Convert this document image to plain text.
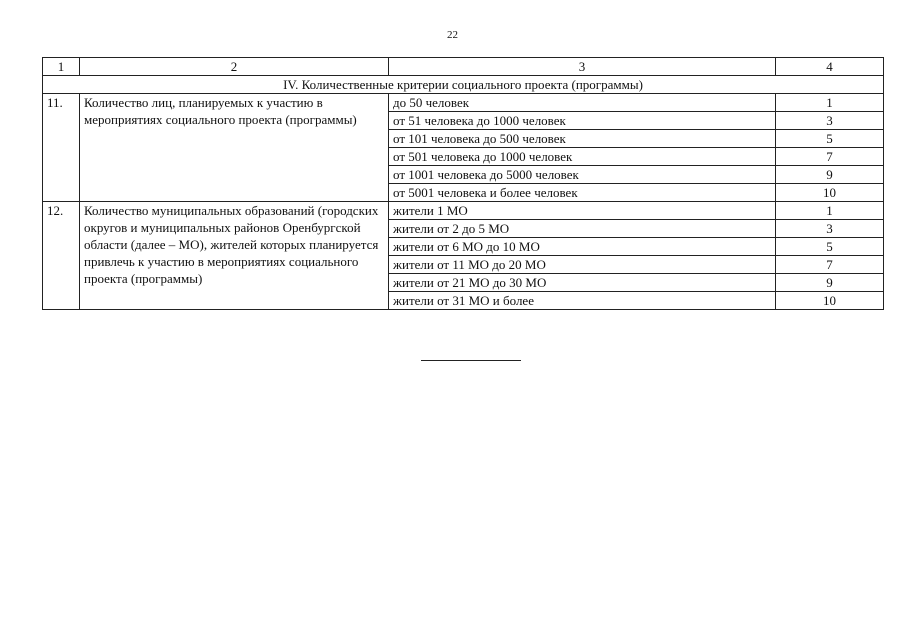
22
1	2	3	4
IV. Количественные критерии социального проекта (программы)			
11.	Количество лиц, планируемых к участию в мероприятиях социального проекта (программы)	до 50 человек	1
		от 51 человека до 1000 человек	3
		от 101 человека до 500 человек	5
		от 501 человека до 1000 человек	7
		от 1001 человека до 5000 человек	9
		от 5001 человека и более человек	10
12.	Количество муниципальных образований (городских округов и муниципальных районов Оренбургской области (далее – МО), жителей которых планируется привлечь к участию в мероприятиях социального проекта (программы)	жители 1 МО	1
		жители от 2 до 5 МО	3
		жители от 6 МО до 10 МО	5
		жители от 11 МО до 20 МО	7
		жители от 21 МО до 30 МО	9
		жители от 31 МО и более	10
